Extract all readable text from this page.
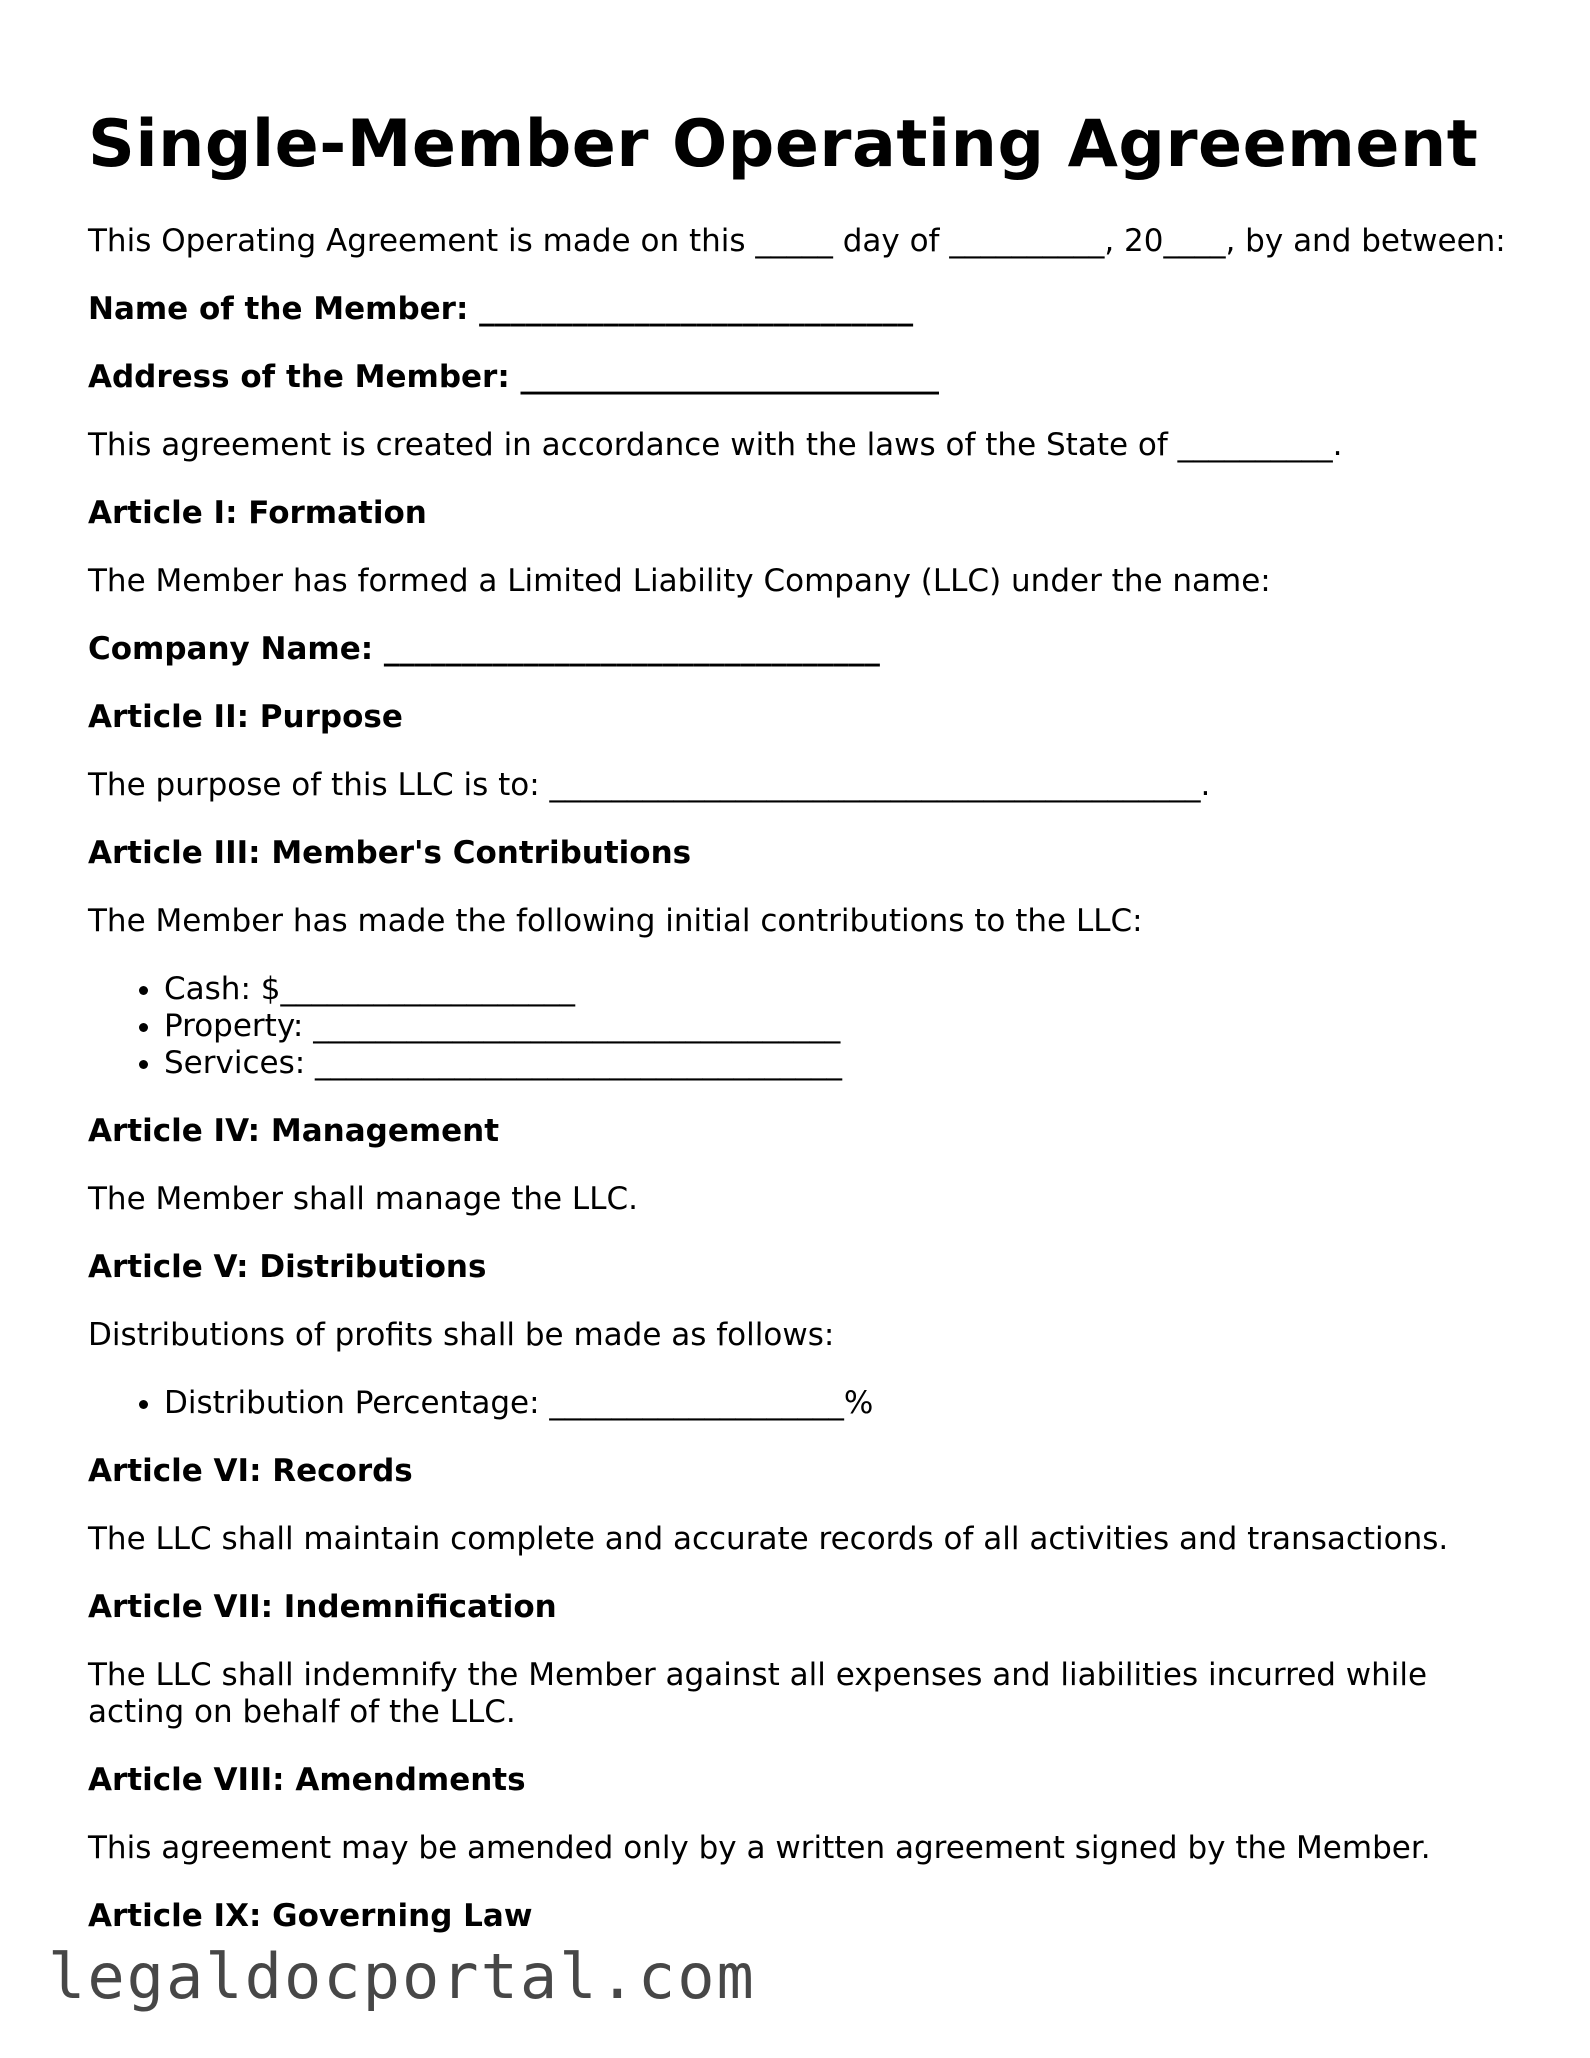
Single-Member Operating Agreement

This Operating Agreement is made on this _____ day of __________, 20____, by and between:

Name of the Member: ____________________________

Address of the Member: ___________________________

This agreement is created in accordance with the laws of the State of __________.

Article I: Formation

The Member has formed a Limited Liability Company (LLC) under the name:

Company Name: ________________________________

Article II: Purpose

The purpose of this LLC is to: __________________________________________.

Article III: Member's Contributions

The Member has made the following initial contributions to the LLC:

• Cash: $___________________
• Property: __________________________________
• Services: __________________________________
Article IV: Management

The Member shall manage the LLC.

Article V: Distributions

Distributions of profits shall be made as follows:

• Distribution Percentage: ___________________%
Article VI: Records

The LLC shall maintain complete and accurate records of all activities and transactions.

Article VII: Indemnification

The LLC shall indemnify the Member against all expenses and liabilities incurred while acting on behalf of the LLC.

Article VIII: Amendments

This agreement may be amended only by a written agreement signed by the Member.

Article IX: Governing Law
legaldocportal.com
